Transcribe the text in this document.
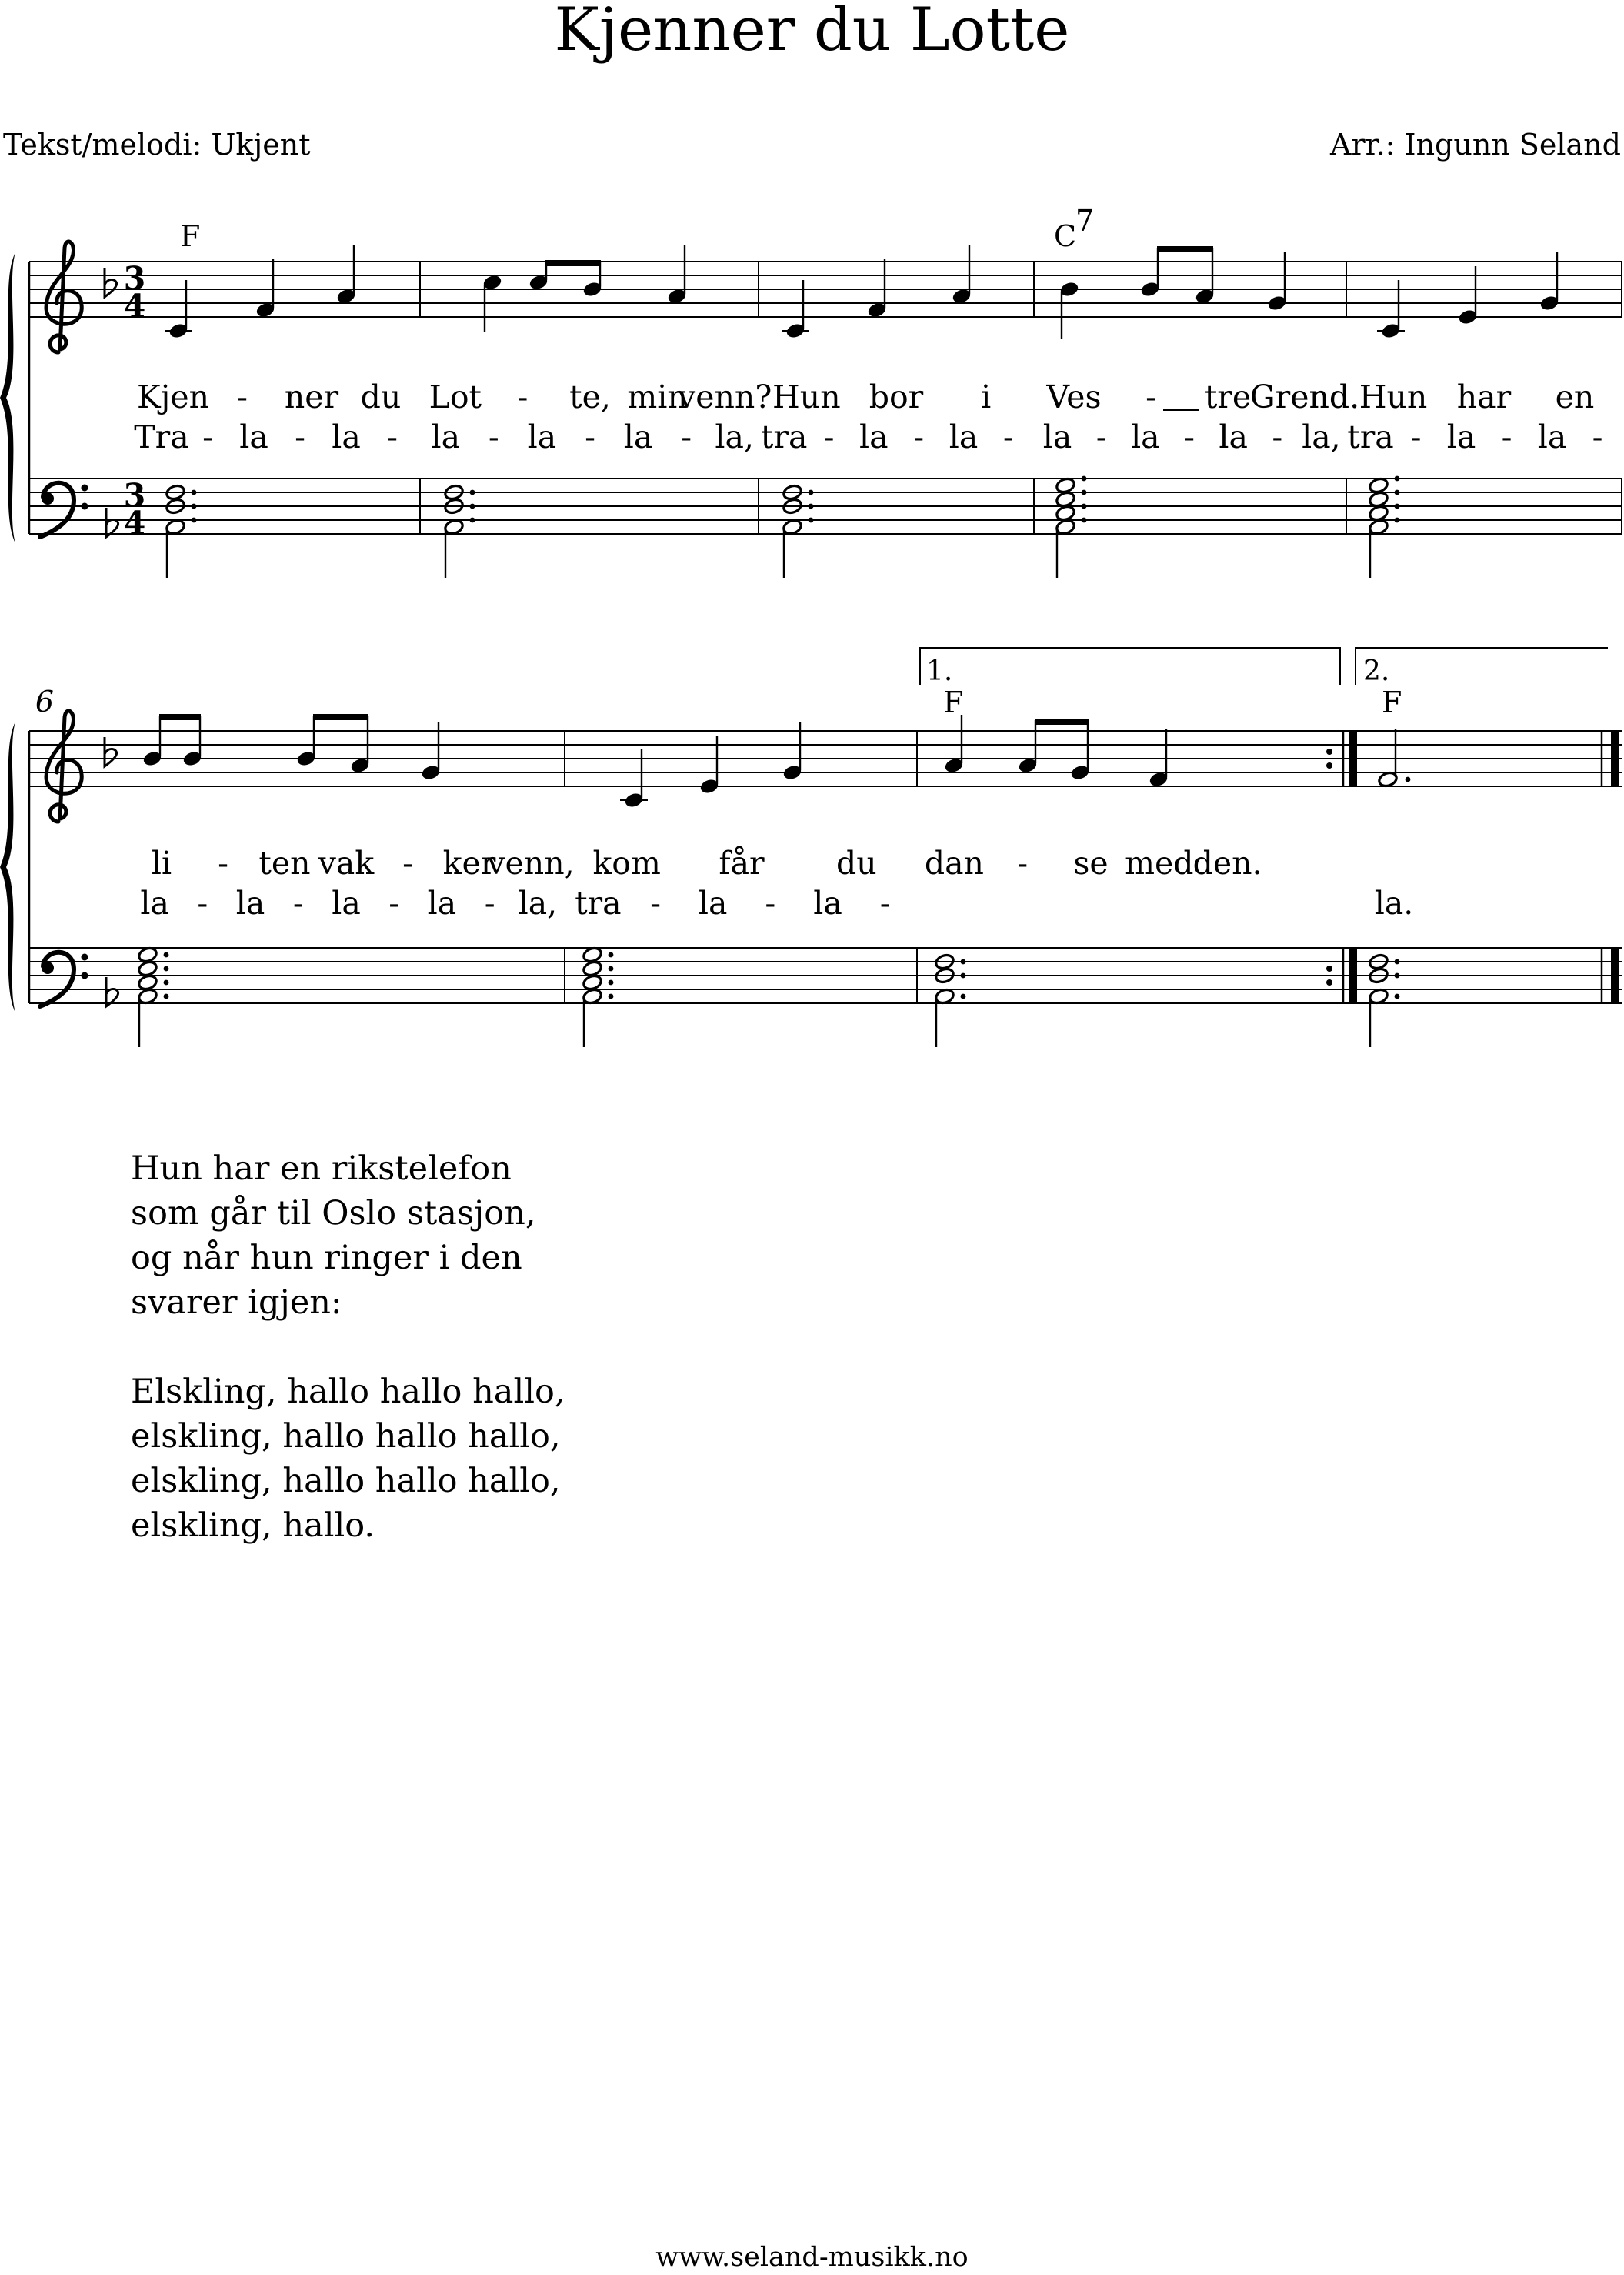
Kjenner du Lotte
Tekst/melodi: Ukjent	Arr.: Ingunn Seland
3
4
3
4
F	C
7
Kjen - ner du
Tra - la - la -
Lot - te, min
venn?
la - la - la - la,
Hun bor i
tra - la - la -
Ves - tre
Grend.
la - la - la - la,
Hun har en
tra - la - la -
6
1.	2.
F	F
li - ten vak - ker
venn,
la - la - la - la - la,
kom får du
tra - la - la -
dan - se med den.
la.

Hun har en rikstelefon
som går til Oslo stasjon,
og når hun ringer i den
svarer igjen:

Elskling, hallo hallo hallo,
elskling, hallo hallo hallo,
elskling, hallo hallo hallo,
elskling, hallo.

www.seland-musikk.no
